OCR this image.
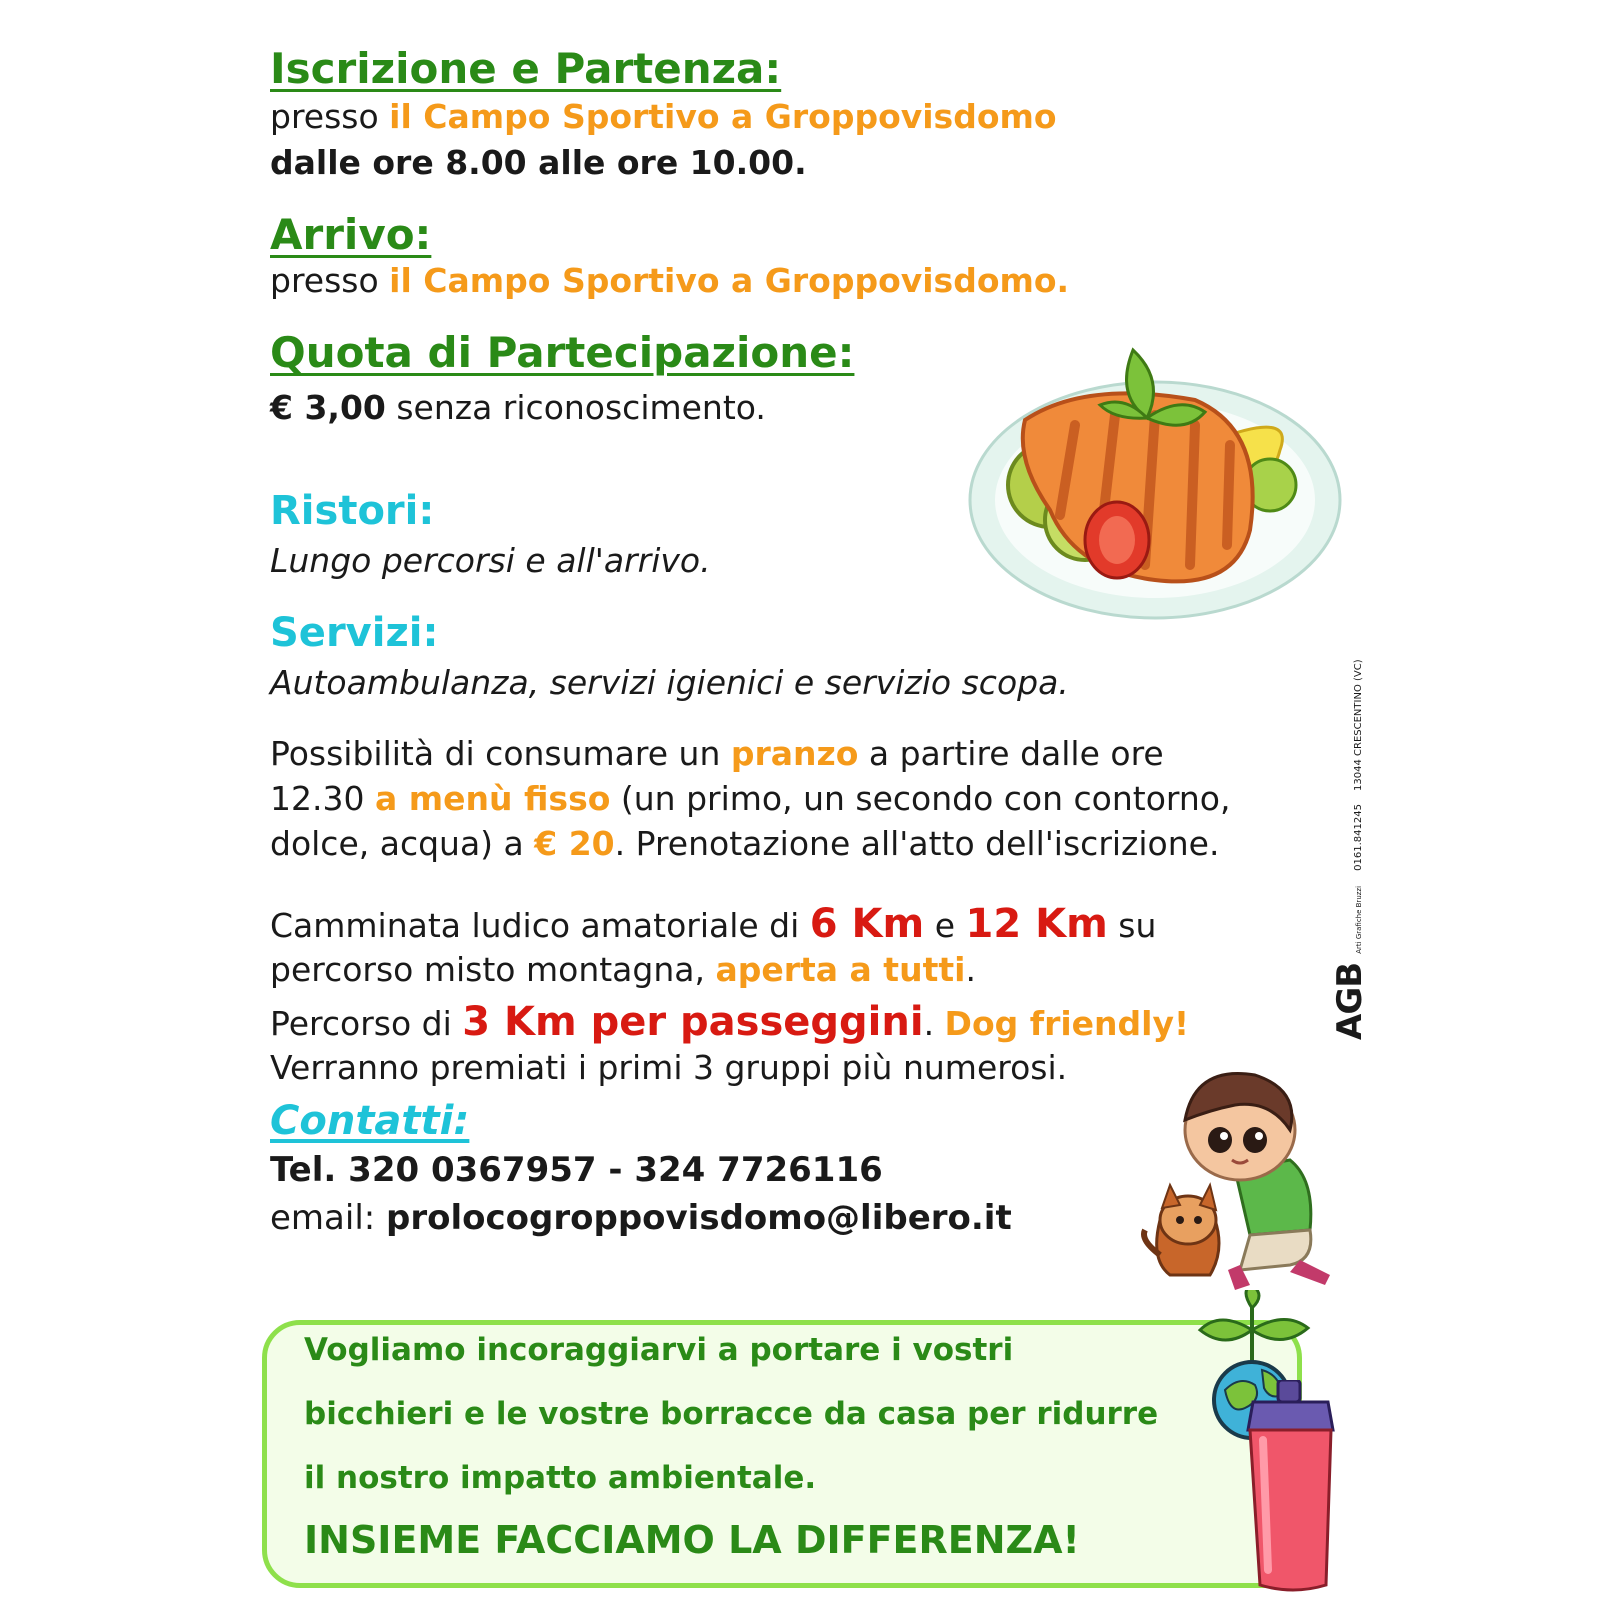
Iscrizione e Partenza:
presso il Campo Sportivo a Groppovisdomo
dalle ore 8.00 alle ore 10.00.
Arrivo:
presso il Campo Sportivo a Groppovisdomo.
Quota di Partecipazione:
€ 3,00 senza riconoscimento.
Ristori:
Lungo percorsi e all'arrivo.
Servizi:
Autoambulanza, servizi igienici e servizio scopa.
Possibilità di consumare un pranzo a partire dalle ore
12.30 a menù fisso (un primo, un secondo con contorno,
dolce, acqua) a € 20. Prenotazione all'atto dell'iscrizione.
Camminata ludico amatoriale di 6 Km e 12 Km su
percorso misto montagna, aperta a tutti.
Percorso di 3 Km per passeggini. Dog friendly!
Verranno premiati i primi 3 gruppi più numerosi.
AGB Arti Grafiche Bruzzi 0161.841245 13044 CRESCENTINO (VC)
Contatti:
Tel. 320 0367957 - 324 7726116
email: prolocogroppovisdomo@libero.it
Vogliamo incoraggiarvi a portare i vostri
bicchieri e le vostre borracce da casa per ridurre
il nostro impatto ambientale.
INSIEME FACCIAMO LA DIFFERENZA!
